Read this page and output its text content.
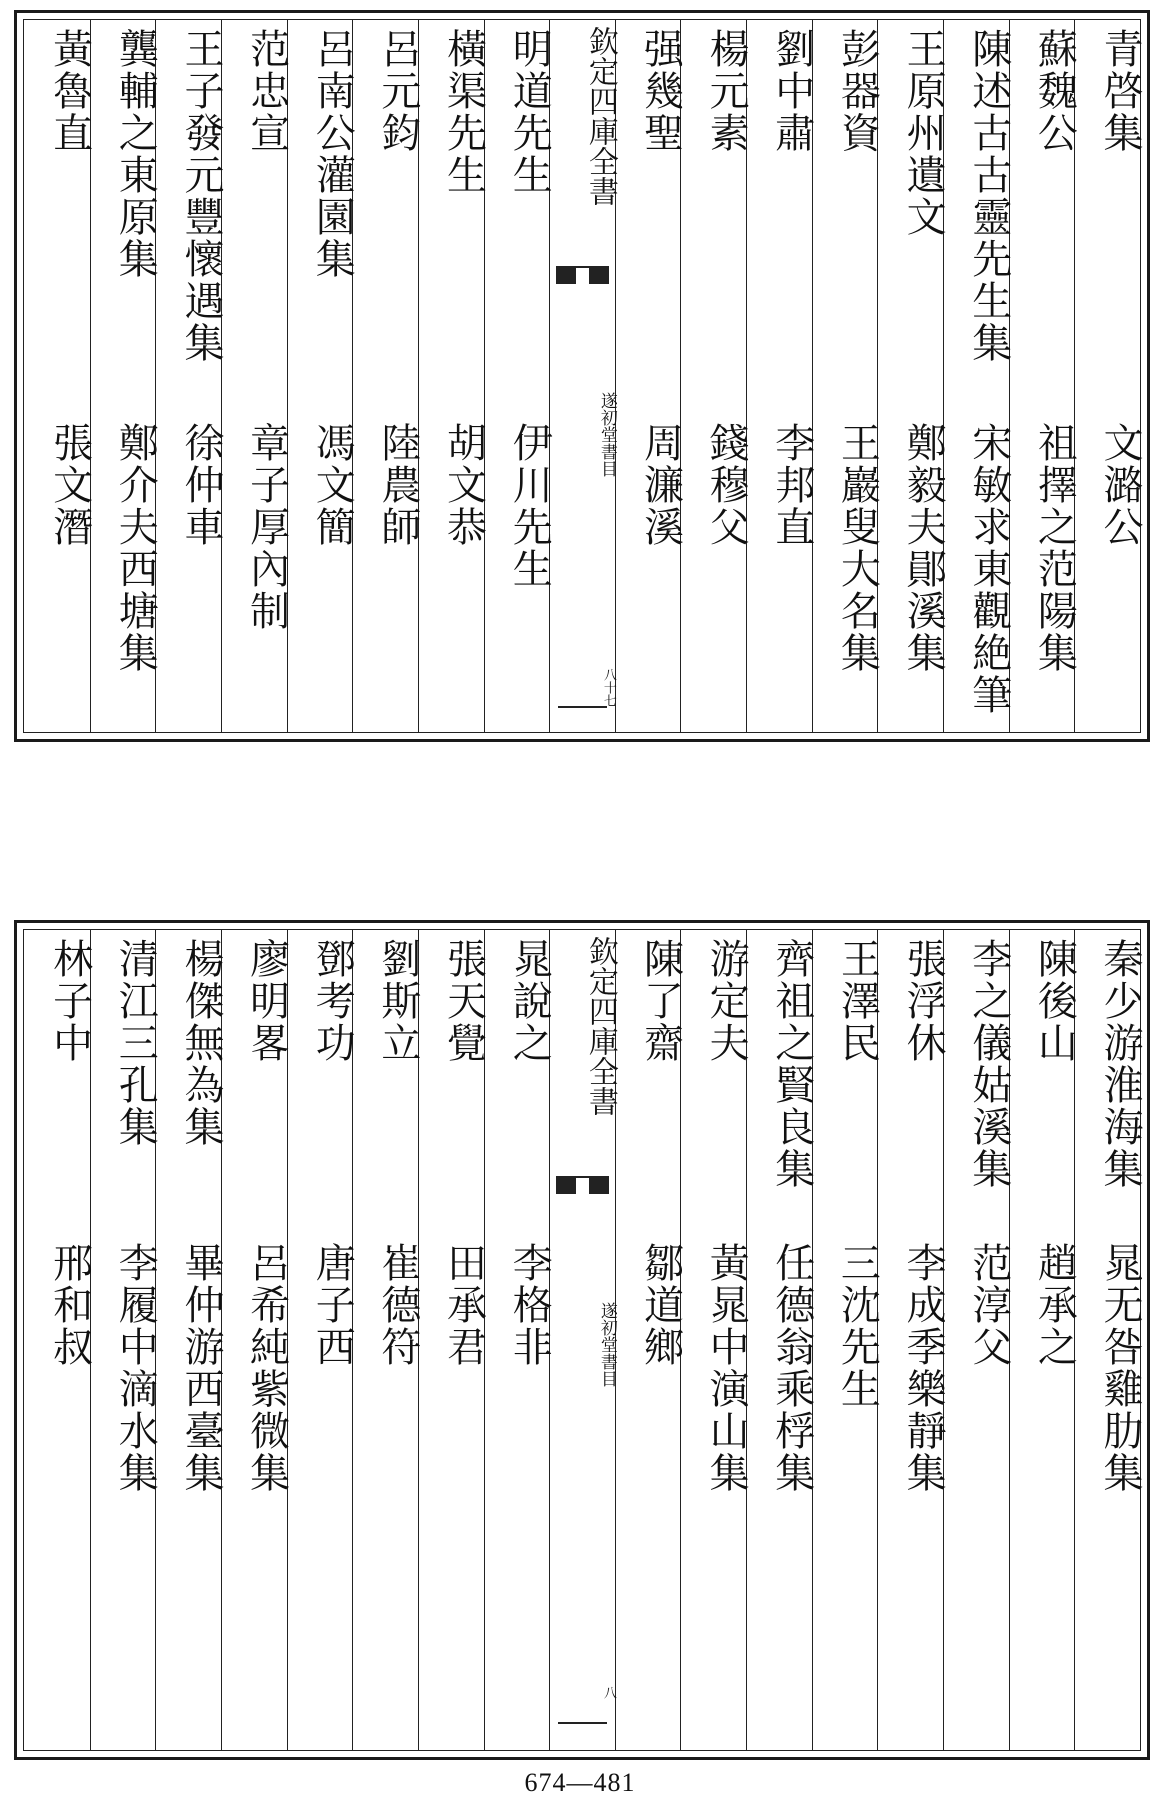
青啓集
文潞公
蘇魏公
祖擇之范陽集
陳述古古靈先生集
宋敏求東觀絶筆
王原州遺文
鄭毅夫鄖溪集
彭器資
王巖叟大名集
劉中肅
李邦直
楊元素
錢穆父
强幾聖
周濂溪
欽定四庫全書
遂初堂書目
八十七
明道先生
伊川先生
橫渠先生
胡文恭
呂元鈞
陸農師
呂南公灌園集
馮文簡
范忠宣
章子厚內制
王子發元豐懷遇集
徐仲車
龔輔之東原集
鄭介夫西塘集
黃魯直
張文潛
秦少游淮海集
晁无咎雞肋集
陳後山
趙承之
李之儀姑溪集
范淳父
張浮休
李成季樂靜集
王澤民
三沈先生
齊祖之賢良集
任德翁乘桴集
游定夫
黃晁中演山集
陳了齋
鄒道鄉
欽定四庫全書
遂初堂書目
八
晁說之
李格非
張天覺
田承君
劉斯立
崔德符
鄧考功
唐子西
廖明畧
呂希純紫微集
楊傑無為集
畢仲游西臺集
清江三孔集
李履中滴水集
林子中
邢和叔
674—481
